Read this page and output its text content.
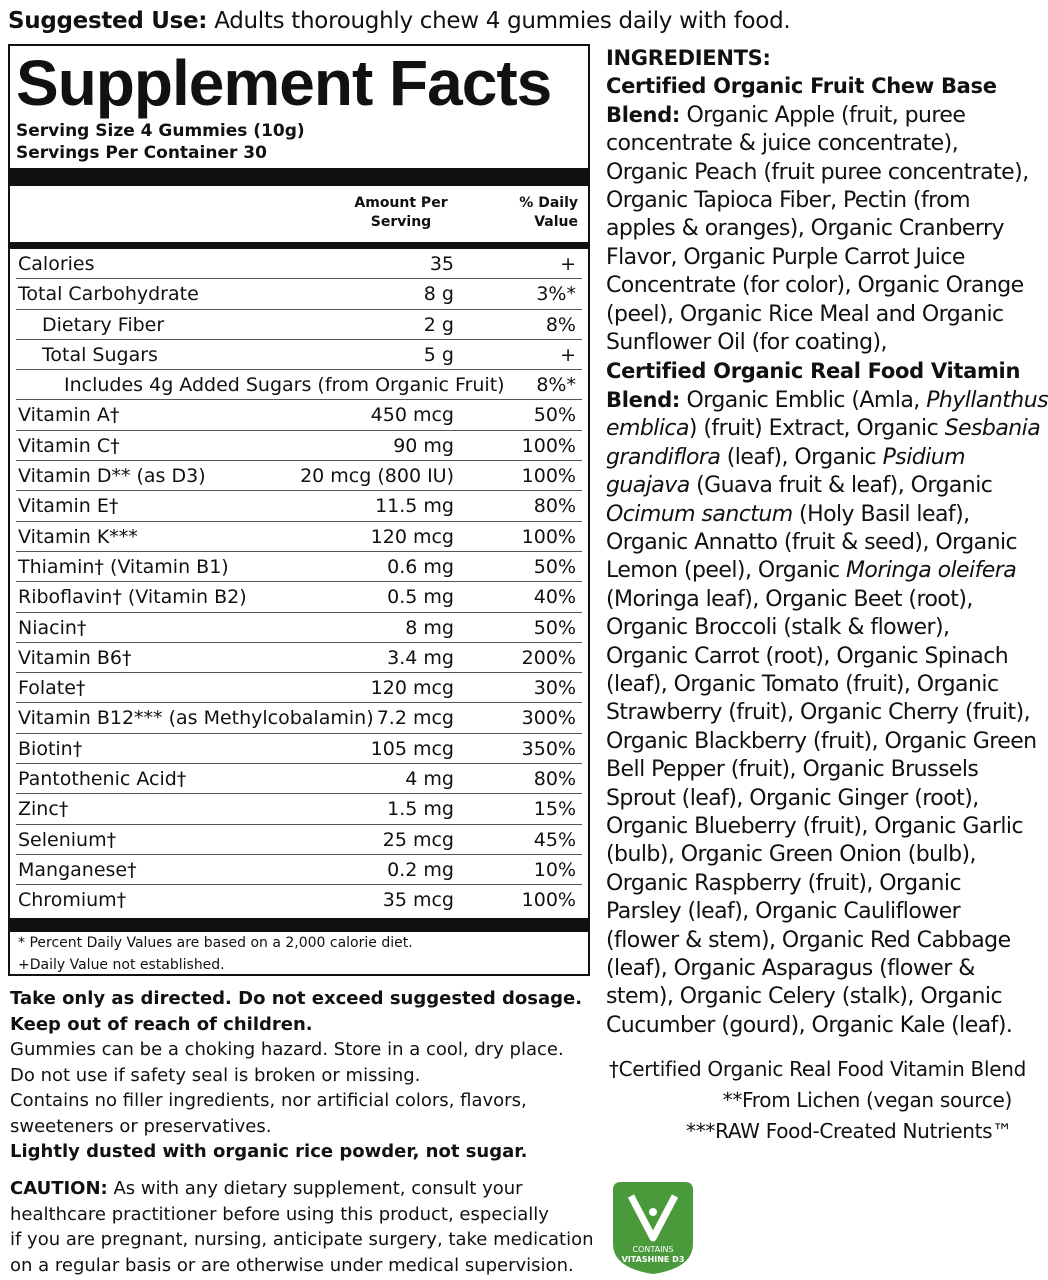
Suggested Use: Adults thoroughly chew 4 gummies daily with food.
Supplement Facts
Serving Size 4 Gummies (10g)
Servings Per Container 30
Amount Per
Serving
% Daily
Value
Calories	35	+
Total Carbohydrate	8 g	3%*
Dietary Fiber	2 g	8%
Total Sugars	5 g	+
Includes 4g Added Sugars (from Organic Fruit) 8%*
Vitamin A†	450 mcg	50%
Vitamin C†	90 mg	100%
Vitamin D** (as D3)	20 mcg (800 IU)	100%
Vitamin E†	11.5 mg	80%
Vitamin K***	120 mcg	100%
Thiamin† (Vitamin B1)	0.6 mg	50%
Riboflavin† (Vitamin B2)	0.5 mg	40%
Niacin†	8 mg	50%
Vitamin B6†	3.4 mg	200%
Folate†	120 mcg	30%
Vitamin B12*** (as Methylcobalamin) 7.2 mcg	300%
Biotin†	105 mcg	350%
Pantothenic Acid†	4 mg	80%
Zinc†	1.5 mg	15%
Selenium†	25 mcg	45%
Manganese†	0.2 mg	10%
Chromium†	35 mcg	100%
* Percent Daily Values are based on a 2,000 calorie diet.
+Daily Value not established.

Take only as directed. Do not exceed suggested dosage.

Keep out of reach of children.

Gummies can be a choking hazard. Store in a cool, dry place.

Do not use if safety seal is broken or missing.

Contains no filler ingredients, nor artificial colors, flavors,

sweeteners or preservatives.

Lightly dusted with organic rice powder, not sugar.

CAUTION: As with any dietary supplement, consult your

healthcare practitioner before using this product, especially

if you are pregnant, nursing, anticipate surgery, take medication

on a regular basis or are otherwise under medical supervision.

INGREDIENTS:

Certified Organic Fruit Chew Base

Blend: Organic Apple (fruit, puree

concentrate & juice concentrate),

Organic Peach (fruit puree concentrate),

Organic Tapioca Fiber, Pectin (from

apples & oranges), Organic Cranberry

Flavor, Organic Purple Carrot Juice

Concentrate (for color), Organic Orange

(peel), Organic Rice Meal and Organic

Sunflower Oil (for coating),

Certified Organic Real Food Vitamin

Blend: Organic Emblic (Amla, Phyllanthus

emblica) (fruit) Extract, Organic Sesbania

grandiflora (leaf), Organic Psidium

guajava (Guava fruit & leaf), Organic

Ocimum sanctum (Holy Basil leaf),

Organic Annatto (fruit & seed), Organic

Lemon (peel), Organic Moringa oleifera

(Moringa leaf), Organic Beet (root),

Organic Broccoli (stalk & flower),

Organic Carrot (root), Organic Spinach

(leaf), Organic Tomato (fruit), Organic

Strawberry (fruit), Organic Cherry (fruit),

Organic Blackberry (fruit), Organic Green

Bell Pepper (fruit), Organic Brussels

Sprout (leaf), Organic Ginger (root),

Organic Blueberry (fruit), Organic Garlic

(bulb), Organic Green Onion (bulb),

Organic Raspberry (fruit), Organic

Parsley (leaf), Organic Cauliflower

(flower & stem), Organic Red Cabbage

(leaf), Organic Asparagus (flower &

stem), Organic Celery (stalk), Organic

Cucumber (gourd), Organic Kale (leaf).

†Certified Organic Real Food Vitamin Blend

**From Lichen (vegan source)

***RAW Food-Created Nutrients™

CONTAINS
VITASHINE D3
